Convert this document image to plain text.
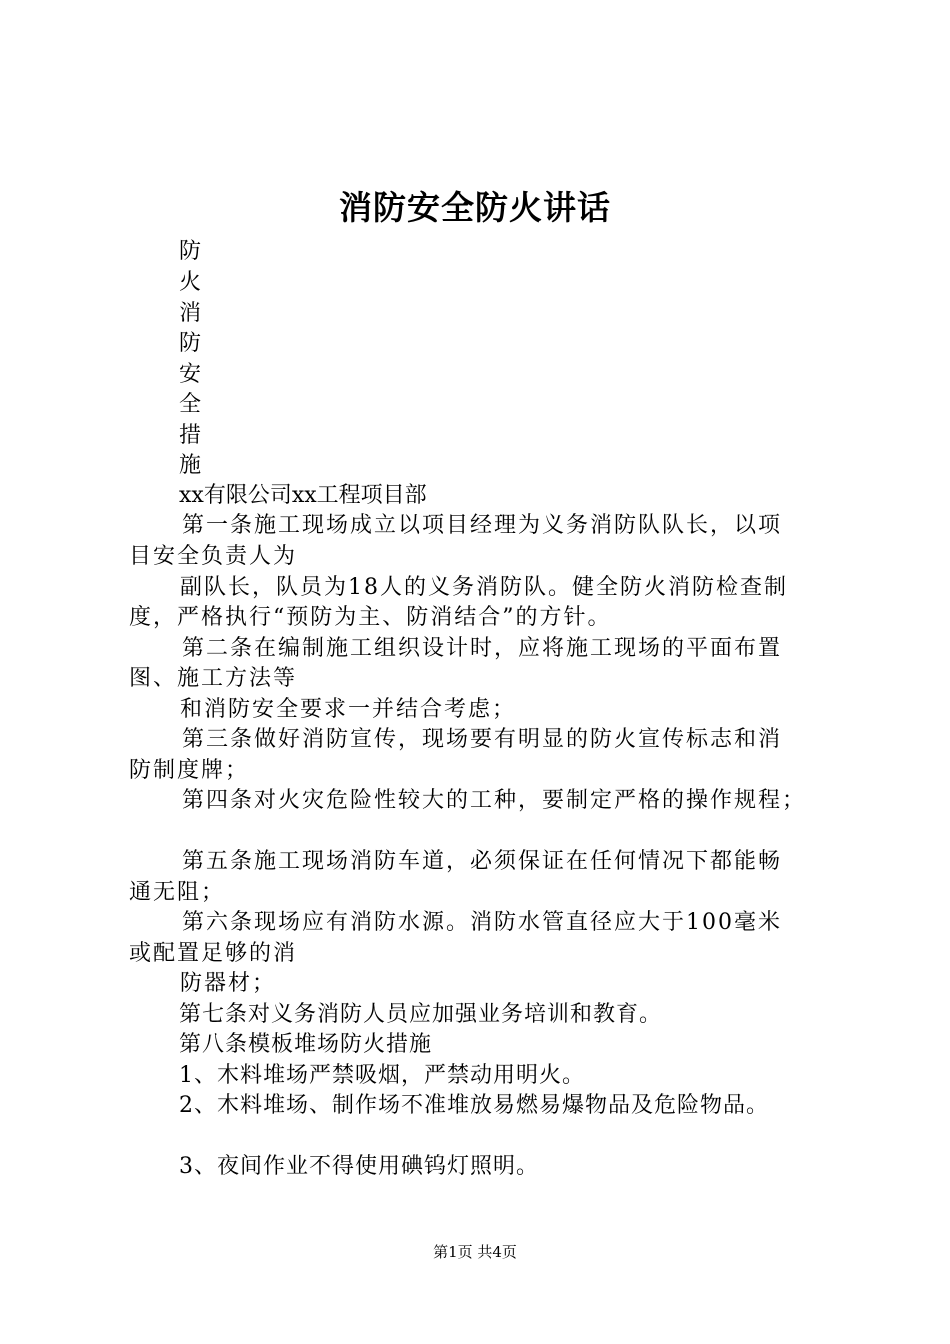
消防安全防火讲话
防
火
消
防
安
全
措
施
xx有限公司xx工程项目部
第一条施工现场成立以项目经理为义务消防队队长，以项
目安全负责人为
副队长，队员为18人的义务消防队。健全防火消防检查制
度，严格执行“预防为主、防消结合”的方针。
第二条在编制施工组织设计时，应将施工现场的平面布置
图、施工方法等
和消防安全要求一并结合考虑；
第三条做好消防宣传，现场要有明显的防火宣传标志和消
防制度牌；
第四条对火灾危险性较大的工种，要制定严格的操作规程；
第五条施工现场消防车道，必须保证在任何情况下都能畅
通无阻；
第六条现场应有消防水源。消防水管直径应大于100毫米
或配置足够的消
防器材；
第七条对义务消防人员应加强业务培训和教育。
第八条模板堆场防火措施
1、木料堆场严禁吸烟，严禁动用明火。
2、木料堆场、制作场不准堆放易燃易爆物品及危险物品。
3、夜间作业不得使用碘钨灯照明。
第1页 共4页
